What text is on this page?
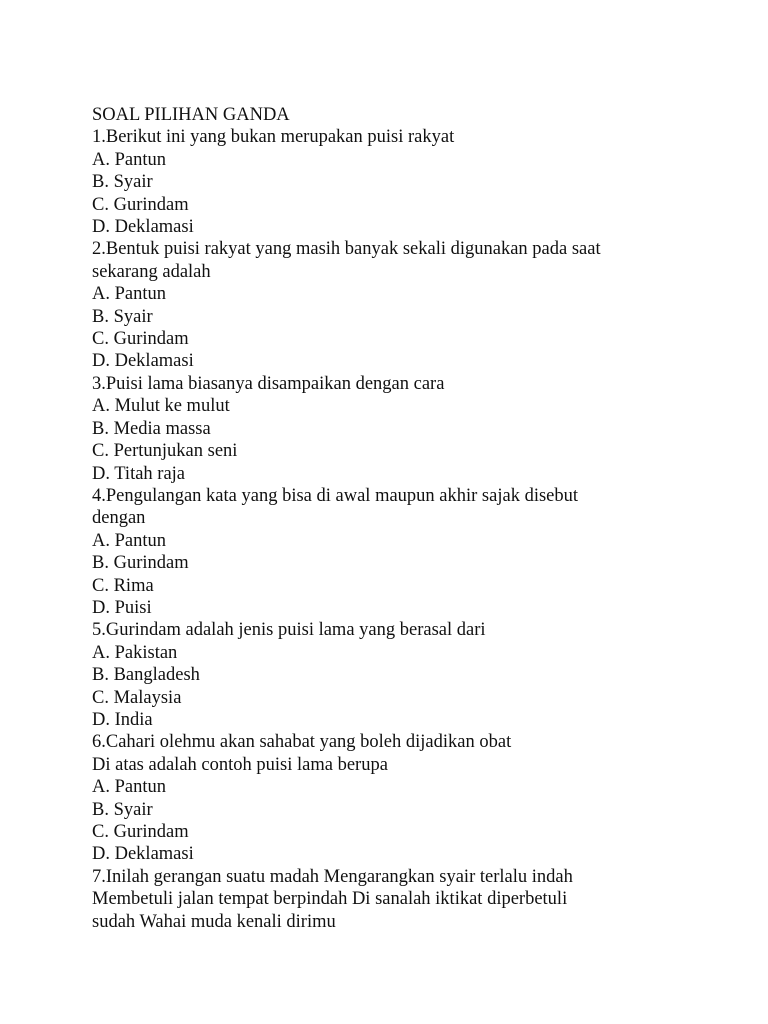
SOAL PILIHAN GANDA
1.Berikut ini yang bukan merupakan puisi rakyat
A. Pantun
B. Syair
C. Gurindam
D. Deklamasi
2.Bentuk puisi rakyat yang masih banyak sekali digunakan pada saat
sekarang adalah
A. Pantun
B. Syair
C. Gurindam
D. Deklamasi
3.Puisi lama biasanya disampaikan dengan cara
A. Mulut ke mulut
B. Media massa
C. Pertunjukan seni
D. Titah raja
4.Pengulangan kata yang bisa di awal maupun akhir sajak disebut
dengan
A. Pantun
B. Gurindam
C. Rima
D. Puisi
5.Gurindam adalah jenis puisi lama yang berasal dari
A. Pakistan
B. Bangladesh
C. Malaysia
D. India
6.Cahari olehmu akan sahabat yang boleh dijadikan obat
Di atas adalah contoh puisi lama berupa
A. Pantun
B. Syair
C. Gurindam
D. Deklamasi
7.Inilah gerangan suatu madah Mengarangkan syair terlalu indah
Membetuli jalan tempat berpindah Di sanalah iktikat diperbetuli
sudah Wahai muda kenali dirimu
